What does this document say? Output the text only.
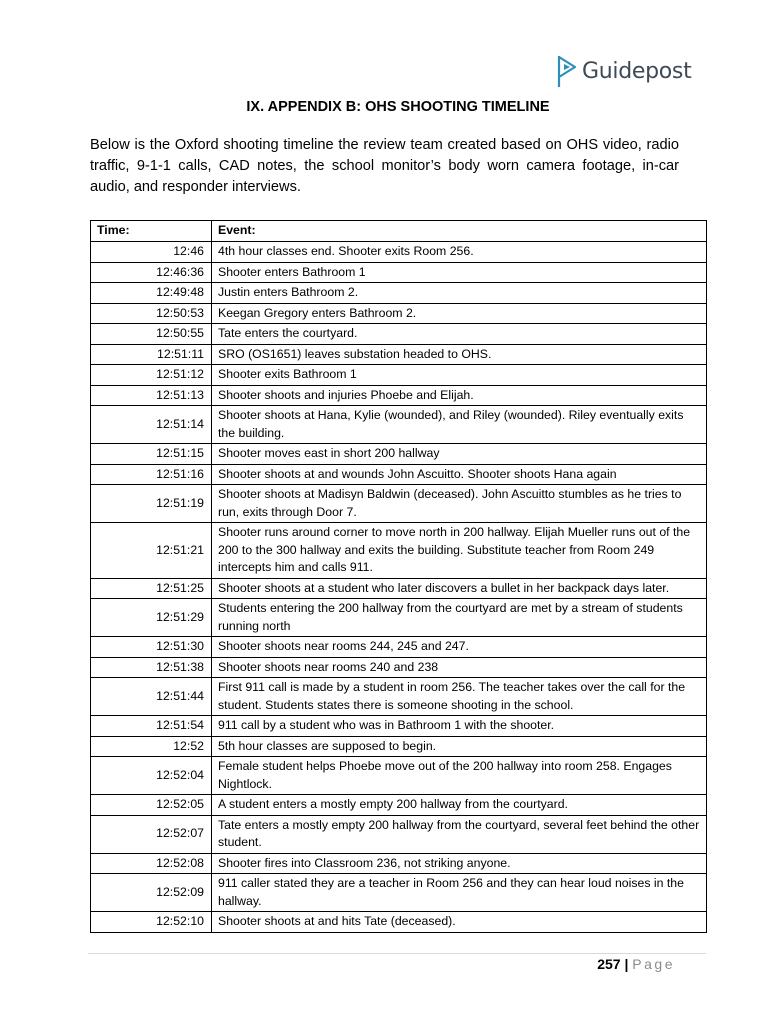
Guidepost
IX. APPENDIX B: OHS SHOOTING TIMELINE

Below is the Oxford shooting timeline the review team created based on OHS video, radio traffic, 9-1-1 calls, CAD notes, the school monitor’s body worn camera footage, in-car audio, and responder interviews.

Time:	Event:
12:46	4th hour classes end. Shooter exits Room 256.
12:46:36	Shooter enters Bathroom 1
12:49:48	Justin enters Bathroom 2.
12:50:53	Keegan Gregory enters Bathroom 2.
12:50:55	Tate enters the courtyard.
12:51:11	SRO (OS1651) leaves substation headed to OHS.
12:51:12	Shooter exits Bathroom 1
12:51:13	Shooter shoots and injuries Phoebe and Elijah.
12:51:14	Shooter shoots at Hana, Kylie (wounded), and Riley (wounded). Riley eventually exits the building.
12:51:15	Shooter moves east in short 200 hallway
12:51:16	Shooter shoots at and wounds John Ascuitto. Shooter shoots Hana again
12:51:19	Shooter shoots at Madisyn Baldwin (deceased). John Ascuitto stumbles as he tries to run, exits through Door 7.
12:51:21	Shooter runs around corner to move north in 200 hallway. Elijah Mueller runs out of the 200 to the 300 hallway and exits the building. Substitute teacher from Room 249 intercepts him and calls 911.
12:51:25	Shooter shoots at a student who later discovers a bullet in her backpack days later.
12:51:29	Students entering the 200 hallway from the courtyard are met by a stream of students running north
12:51:30	Shooter shoots near rooms 244, 245 and 247.
12:51:38	Shooter shoots near rooms 240 and 238
12:51:44	First 911 call is made by a student in room 256. The teacher takes over the call for the student. Students states there is someone shooting in the school.
12:51:54	911 call by a student who was in Bathroom 1 with the shooter.
12:52	5th hour classes are supposed to begin.
12:52:04	Female student helps Phoebe move out of the 200 hallway into room 258. Engages Nightlock.
12:52:05	A student enters a mostly empty 200 hallway from the courtyard.
12:52:07	Tate enters a mostly empty 200 hallway from the courtyard, several feet behind the other student.
12:52:08	Shooter fires into Classroom 236, not striking anyone.
12:52:09	911 caller stated they are a teacher in Room 256 and they can hear loud noises in the hallway.
12:52:10	Shooter shoots at and hits Tate (deceased).
257 | Page
